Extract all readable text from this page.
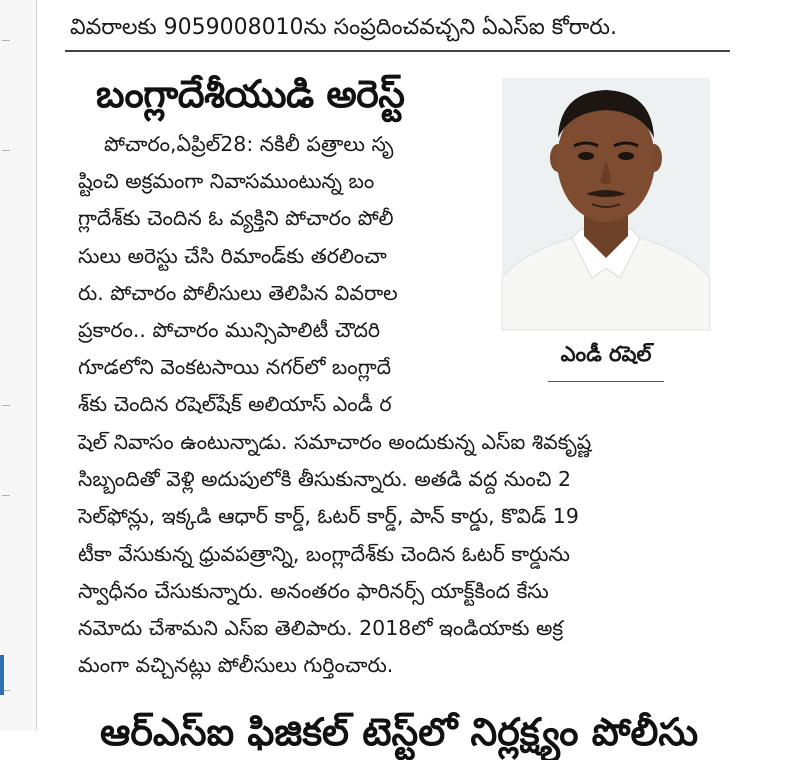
వివరాలకు 9059008010ను సంప్రదించవచ్చని ఏఎస్ఐ కోరారు.
బంగ్లాదేశీయుడి అరెస్ట్
పోచారం,ఏప్రిల్28: నకిలీ పత్రాలు సృ
ష్టించి అక్రమంగా నివాసముంటున్న బం
గ్లాదేశ్‌కు చెందిన ఓ వ్యక్తిని పోచారం పోలీ
సులు అరెస్టు చేసి రిమాండ్‌కు తరలించా
రు. పోచారం పోలీసులు తెలిపిన వివరాల
ప్రకారం.. పోచారం మున్సిపాలిటీ చౌదరి
గూడలోని వెంకటసాయి నగర్‌లో బంగ్లాదే
శ్‌కు చెందిన రషెల్‌షేక్ అలియాస్ ఎండీ ర
ఎండీ రషెల్
షెల్ నివాసం ఉంటున్నాడు. సమాచారం అందుకున్న ఎస్ఐ శివకృష్ణ
సిబ్బందితో వెళ్లి అదుపులోకి తీసుకున్నారు. అతడి వద్ద నుంచి 2
సెల్‌ఫోన్లు, ఇక్కడి ఆధార్ కార్డ్, ఓటర్ కార్డ్, పాన్ కార్డు, కొవిడ్ 19
టీకా వేసుకున్న ధ్రువపత్రాన్ని, బంగ్లాదేశ్‌కు చెందిన ఓటర్ కార్డును
స్వాధీనం చేసుకున్నారు. అనంతరం ఫారినర్స్ యాక్ట్‌కింద కేసు
నమోదు చేశామని ఎస్ఐ తెలిపారు. 2018లో ఇండియాకు అక్ర
మంగా వచ్చినట్లు పోలీసులు గుర్తించారు.
ఆర్ఎస్ఐ ఫిజికల్ టెస్ట్‌లో నిర్లక్ష్యం పోలీసు
